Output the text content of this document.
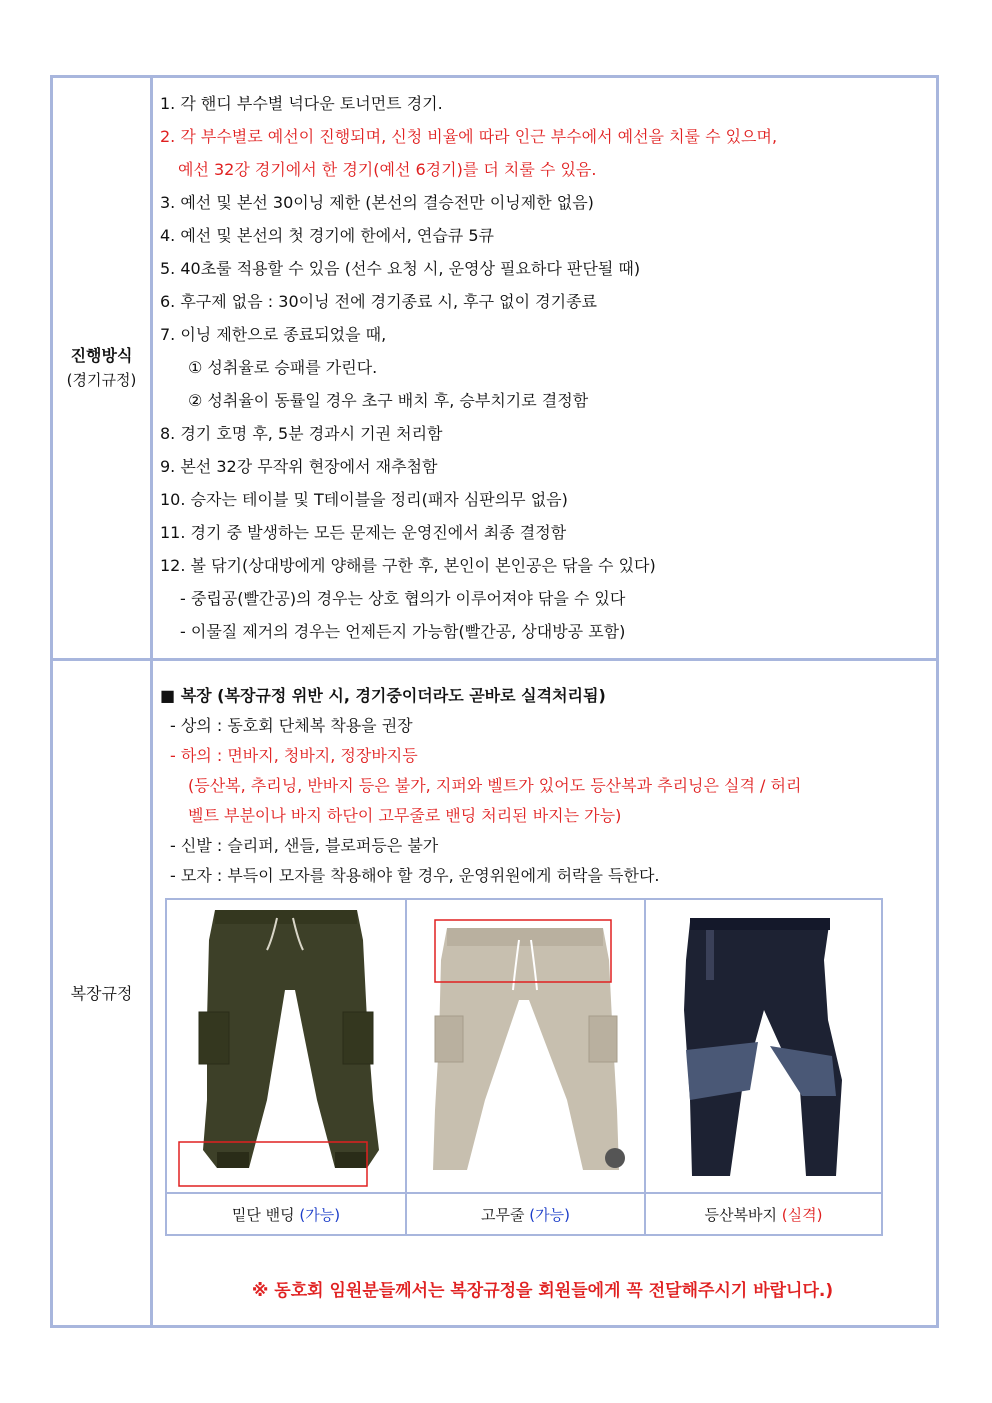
진행방식
(경기규정)
1. 각 핸디 부수별 넉다운 토너먼트 경기.
2. 각 부수별로 예선이 진행되며, 신청 비율에 따라 인근 부수에서 예선을 치룰 수 있으며,
예선 32강 경기에서 한 경기(예선 6경기)를 더 치룰 수 있음.
3. 예선 및 본선 30이닝 제한 (본선의 결승전만 이닝제한 없음)
4. 예선 및 본선의 첫 경기에 한에서, 연습큐 5큐
5. 40초룰 적용할 수 있음 (선수 요청 시, 운영상 필요하다 판단될 때)
6. 후구제 없음 : 30이닝 전에 경기종료 시, 후구 없이 경기종료
7. 이닝 제한으로 종료되었을 때,
① 성취율로 승패를 가린다.
② 성취율이 동률일 경우 초구 배치 후, 승부치기로 결정함
8. 경기 호명 후, 5분 경과시 기권 처리함
9. 본선 32강 무작위 현장에서 재추첨함
10. 승자는 테이블 및 T테이블을 정리(패자 심판의무 없음)
11. 경기 중 발생하는 모든 문제는 운영진에서 최종 결정함
12. 볼 닦기(상대방에게 양해를 구한 후, 본인이 본인공은 닦을 수 있다)
- 중립공(빨간공)의 경우는 상호 협의가 이루어져야 닦을 수 있다
- 이물질 제거의 경우는 언제든지 가능함(빨간공, 상대방공 포함)
복장규정
■ 복장 (복장규정 위반 시, 경기중이더라도 곧바로 실격처리됨)
- 상의 : 동호회 단체복 착용을 권장
- 하의 : 면바지, 청바지, 정장바지등
(등산복, 추리닝, 반바지 등은 불가, 지퍼와 벨트가 있어도 등산복과 추리닝은 실격 / 허리
벨트 부분이나 바지 하단이 고무줄로 밴딩 처리된 바지는 가능)
- 신발 : 슬리퍼, 샌들, 블로퍼등은 불가
- 모자 : 부득이 모자를 착용해야 할 경우, 운영위원에게 허락을 득한다.
밑단 밴딩 (가능)	고무줄 (가능)	등산복바지 (실격)
※ 동호회 임원분들께서는 복장규정을 회원들에게 꼭 전달해주시기 바랍니다.)
